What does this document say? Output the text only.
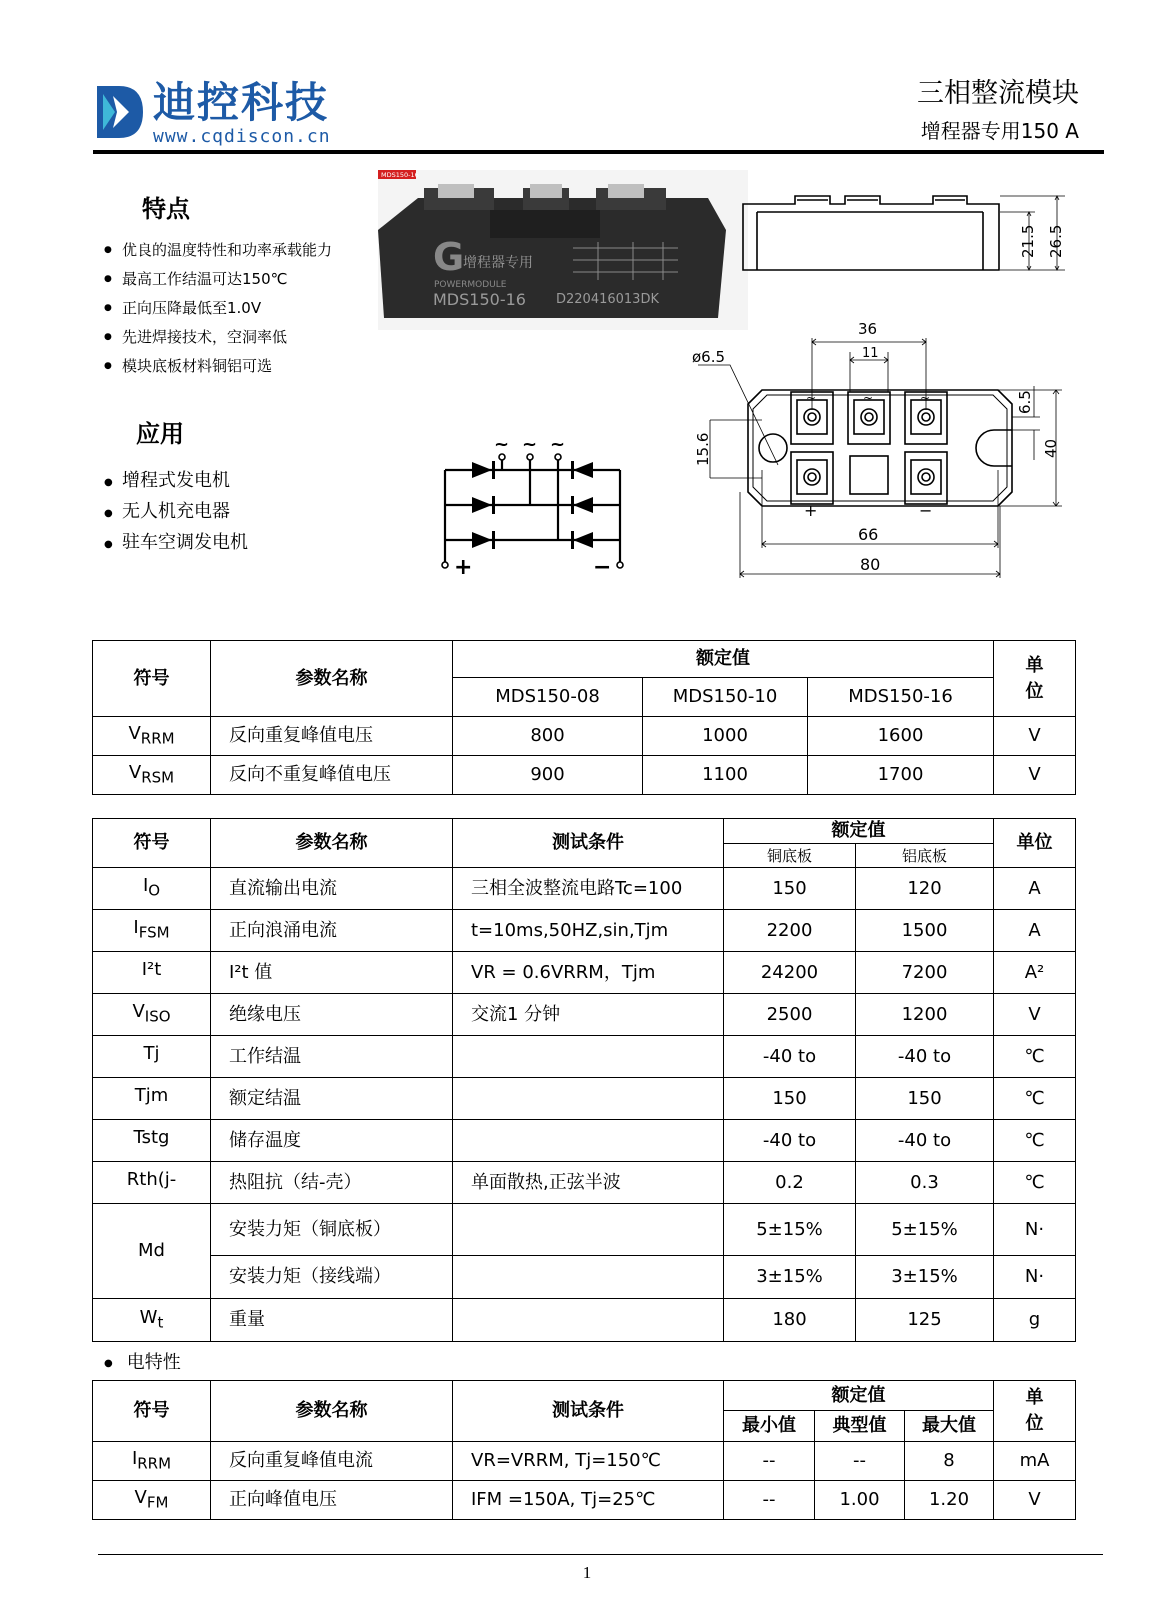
迪控科技
www.cqdiscon.cn
三相整流模块
增程器专用150 A
特点
● 优良的温度特性和功率承载能力
● 最高工作结温可达150℃
● 正向压降最低至1.0V
● 先进焊接技术，空洞率低
● 模块底板材料铜铝可选
应用
● 增程式发电机
● 无人机充电器
● 驻车空调发电机
MDS150-16
G
增程器专用
POWERMODULE
MDS150-16 D220416013DK
21.5 26.5
~	~	~
+	−
36
11
ø6.5
6.5
40
15.6
66
80
~ ~ ~
+	−
符号	参数名称	额定值			单位
		MDS150-08	MDS150-10	MDS150-16	
$V_{RRM}$	反向重复峰值电压	800	1000	1600	V
$V_{RSM}$	反向不重复峰值电压	900	1100	1700	V
符号	参数名称	测试条件	额定值		单位
			铜底板	铝底板	
$I_O$	直流输出电流	三相全波整流电路Tc=100	150	120	A
$I_{FSM}$	正向浪涌电流	t=10ms,50HZ,sin,Tjm	2200	1500	A
I²t	I²t 值	VR = 0.6VRRM，Tjm	24200	7200	A²
$V_{ISO}$	绝缘电压	交流1 分钟	2500	1200	V
Tj	工作结温		-40 to	-40 to	℃
Tjm	额定结温		150	150	℃
Tstg	储存温度		-40 to	-40 to	℃
Rth(j-	热阻抗（结-壳）	单面散热,正弦半波	0.2	0.3	℃
Md	安装力矩（铜底板）		5±15%	5±15%	N·
	安装力矩（接线端）		3±15%	3±15%	N·
$W_t$	重量		180	125	g
● 电特性
符号	参数名称	测试条件	额定值			单位
			最小值	典型值	最大值	
$I_{RRM}$	反向重复峰值电流	VR=VRRM, Tj=150℃	--	--	8	mA
$V_{FM}$	正向峰值电压	IFM =150A, Tj=25℃	--	1.00	1.20	V
1
